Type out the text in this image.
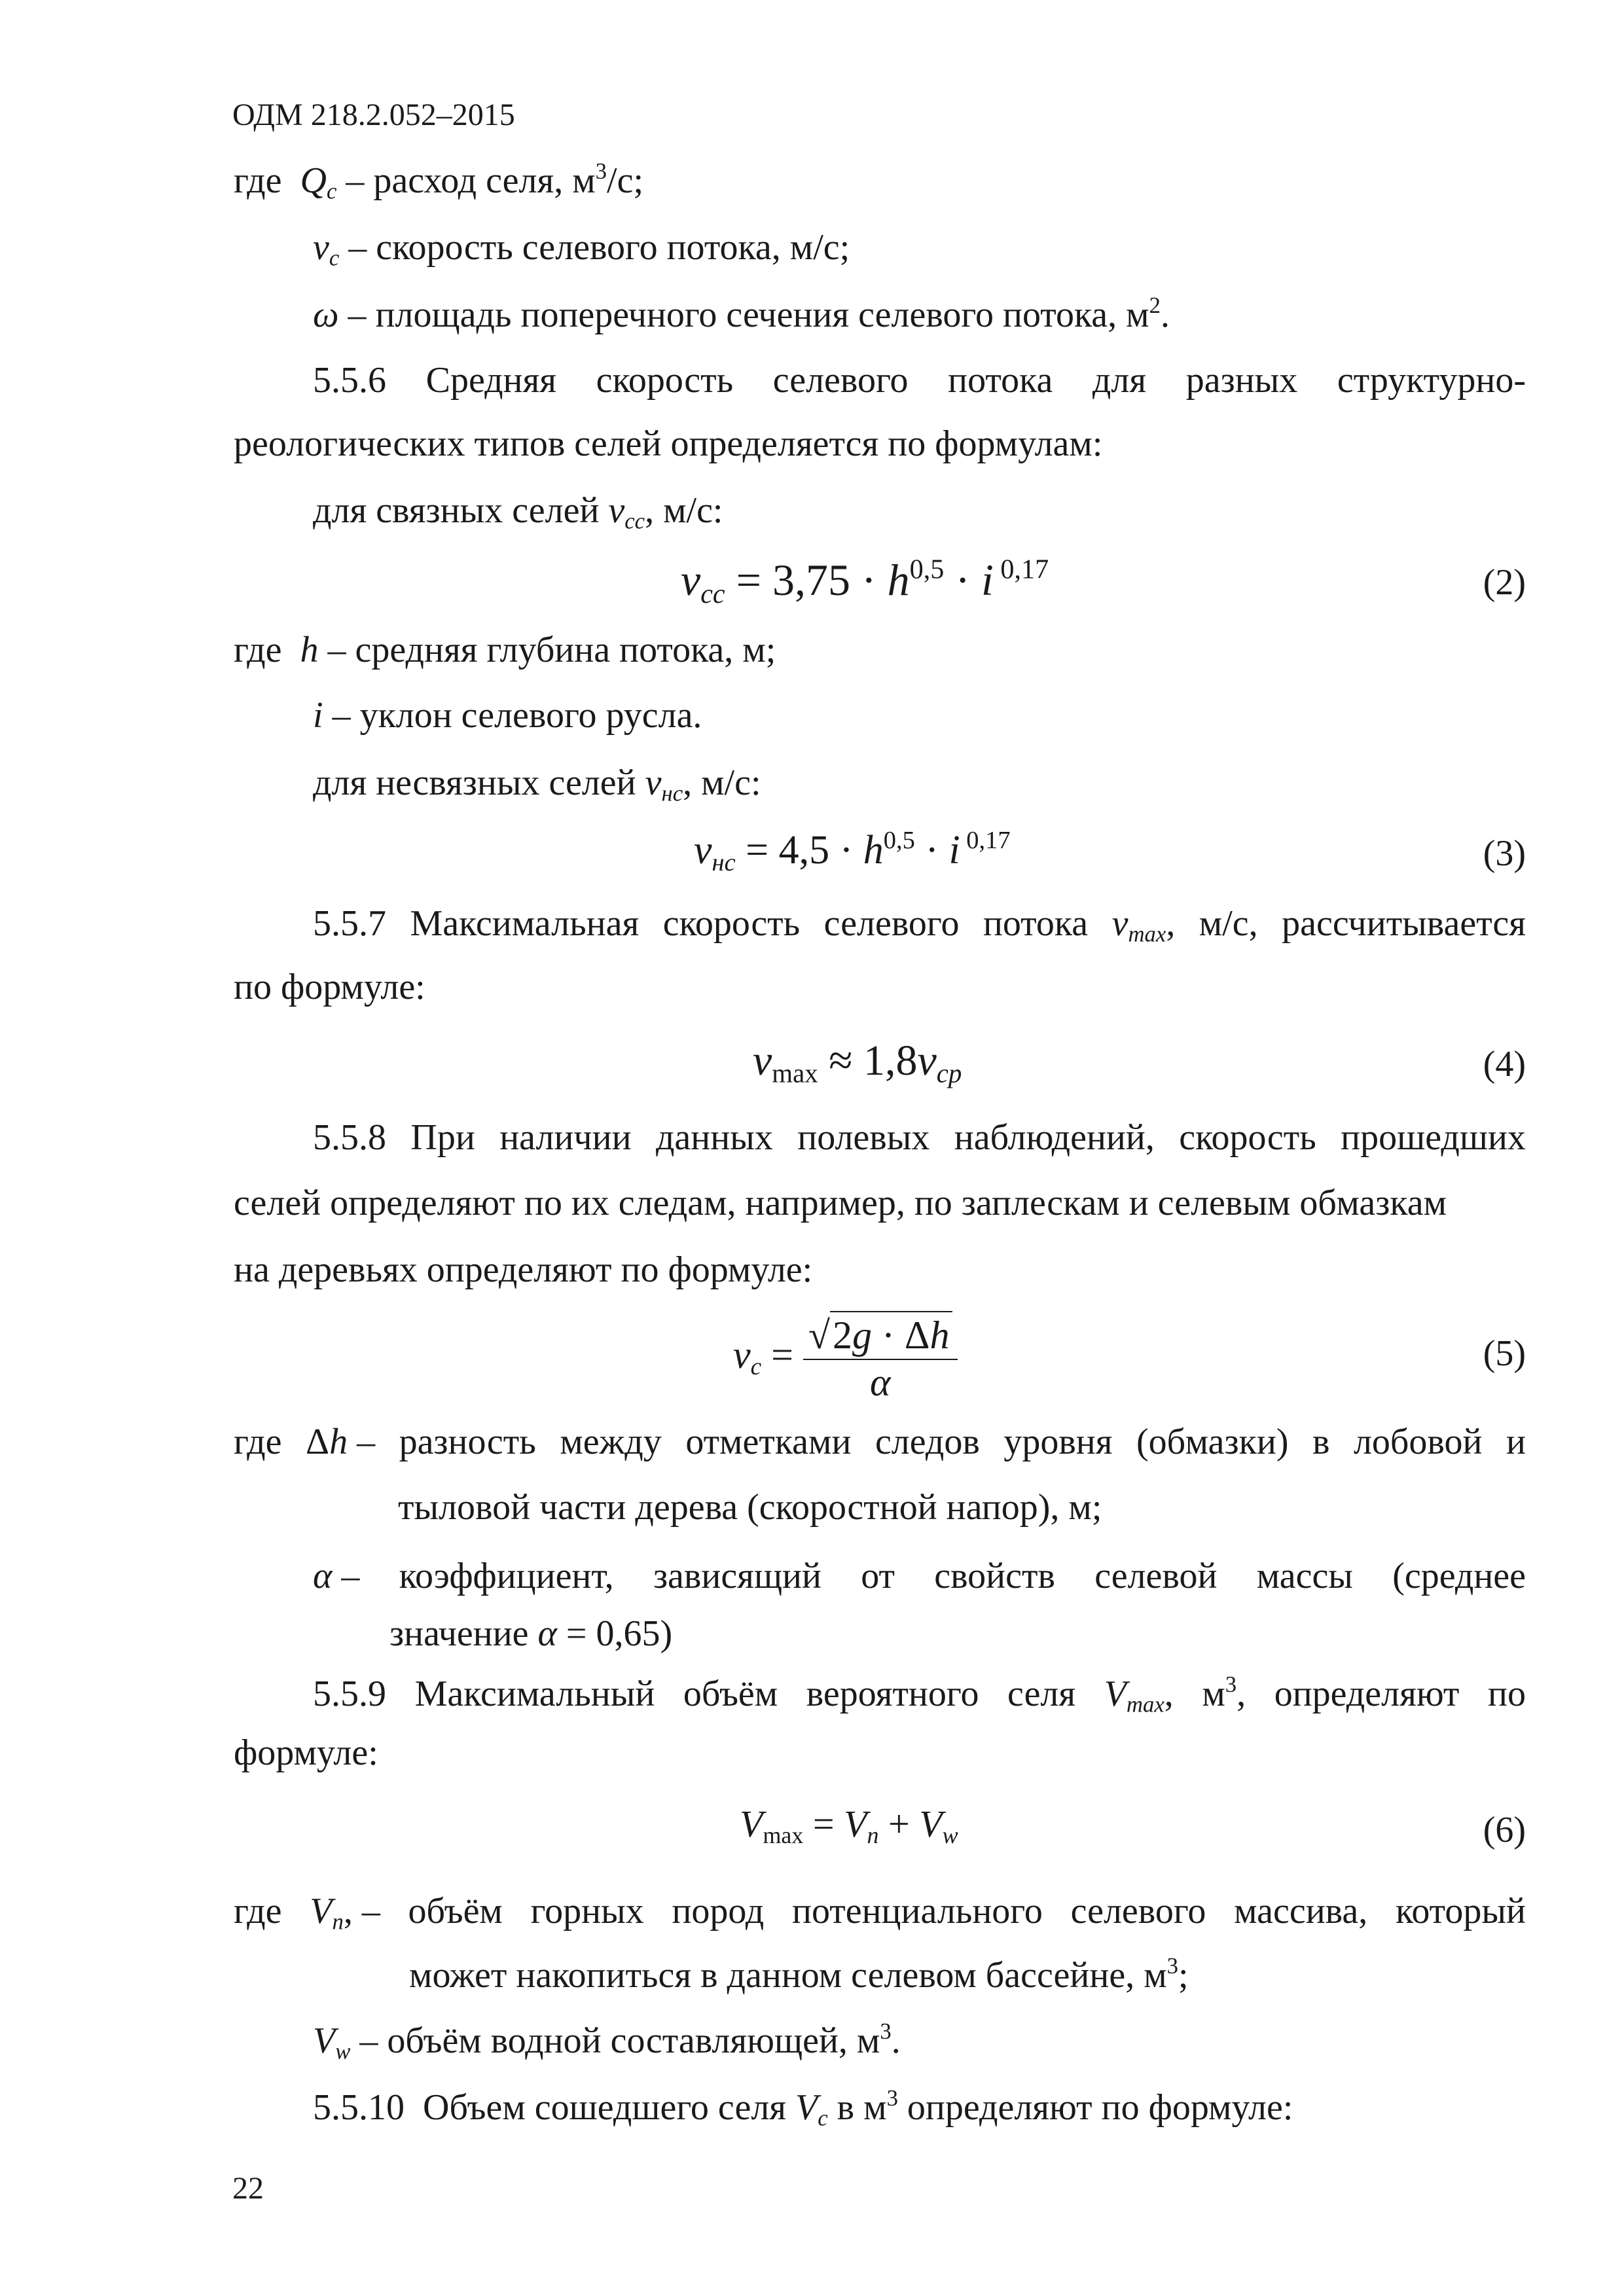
ОДМ 218.2.052–2015
где  $Q_с$ – расход селя, $м^3/с$;
$v_с$ – скорость селевого потока, м/с;
ω – площадь поперечного сечения селевого потока, $м^2$.
5.5.6 Средняя скорость селевого потока для разных структурно-
реологических типов селей определяется по формулам:
для связных селей $v_{сс}$, м/с:
$v_{cc} = 3,75 \cdot h^{0,5} \cdot i$ $^{0,17}$	(2)
где  h – средняя глубина потока, м;
i – уклон селевого русла.
для несвязных селей $v_{нс}$, м/с:
$v_{нс} = 4,5 \cdot h^{0,5} \cdot i$ $^{0,17}$	(3)
5.5.7 Максимальная скорость селевого потока $v_{max}$, м/с, рассчитывается
по формуле:
$v_{max} \approx 1,8v_{ср}$	(4)
5.5.8 При наличии данных полевых наблюдений, скорость прошедших
селей определяют по их следам, например, по заплескам и селевым обмазкам
на деревьях определяют по формуле:
$v_c = \frac{√2g \cdot \Delta h}{\alpha}$	(5)
где Δh – разность между отметками следов уровня (обмазки) в лобовой и
тыловой части дерева (скоростной напор), м;
α – коэффициент, зависящий от свойств селевой массы (среднее
значение α = 0,65)
5.5.9 Максимальный объём вероятного селя $V_{max}$, $м^3$, определяют по
формуле:
$V_{max} = V_n + V_w$	(6)
где $V_n$, – объём горных пород потенциального селевого массива, который
может накопиться в данном селевом бассейне, $м^3$;
$V_w$ – объём водной составляющей, $м^3$.
5.5.10  Объем сошедшего селя $V_c$ в $м^3$ определяют по формуле:
22
